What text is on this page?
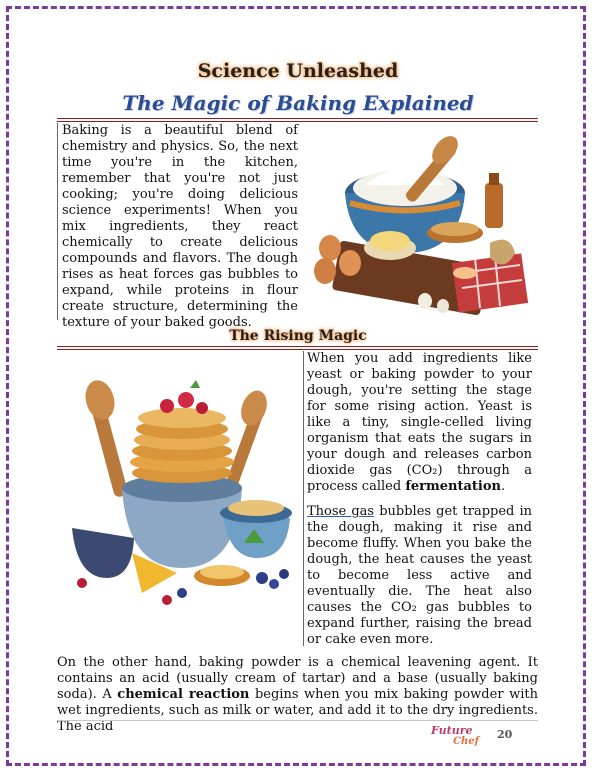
Science Unleashed
The Magic of Baking Explained

Baking is a beautiful blend of chemistry and physics. So, the next time you're in the kitchen, remember that you're not just cooking; you're doing delicious science experiments! When you mix ingredients, they react chemically to create delicious compounds and flavors. The dough rises as heat forces gas bubbles to expand, while proteins in flour create structure, determining the texture of your baked goods.

The Rising Magic

When you add ingredients like yeast or baking powder to your dough, you're setting the stage for some rising action. Yeast is like a tiny, single-celled living organism that eats the sugars in your dough and releases carbon dioxide gas (CO₂) through a process called fermentation.

Those gas bubbles get trapped in the dough, making it rise and become fluffy. When you bake the dough, the heat causes the yeast to become less active and eventually die. The heat also causes the CO₂ gas bubbles to expand further, raising the bread or cake even more.

On the other hand, baking powder is a chemical leavening agent. It contains an acid (usually cream of tartar) and a base (usually baking soda). A chemical reaction begins when you mix baking powder with wet ingredients, such as milk or water, and add it to the dry ingredients. The acid	Future
Chef
20
